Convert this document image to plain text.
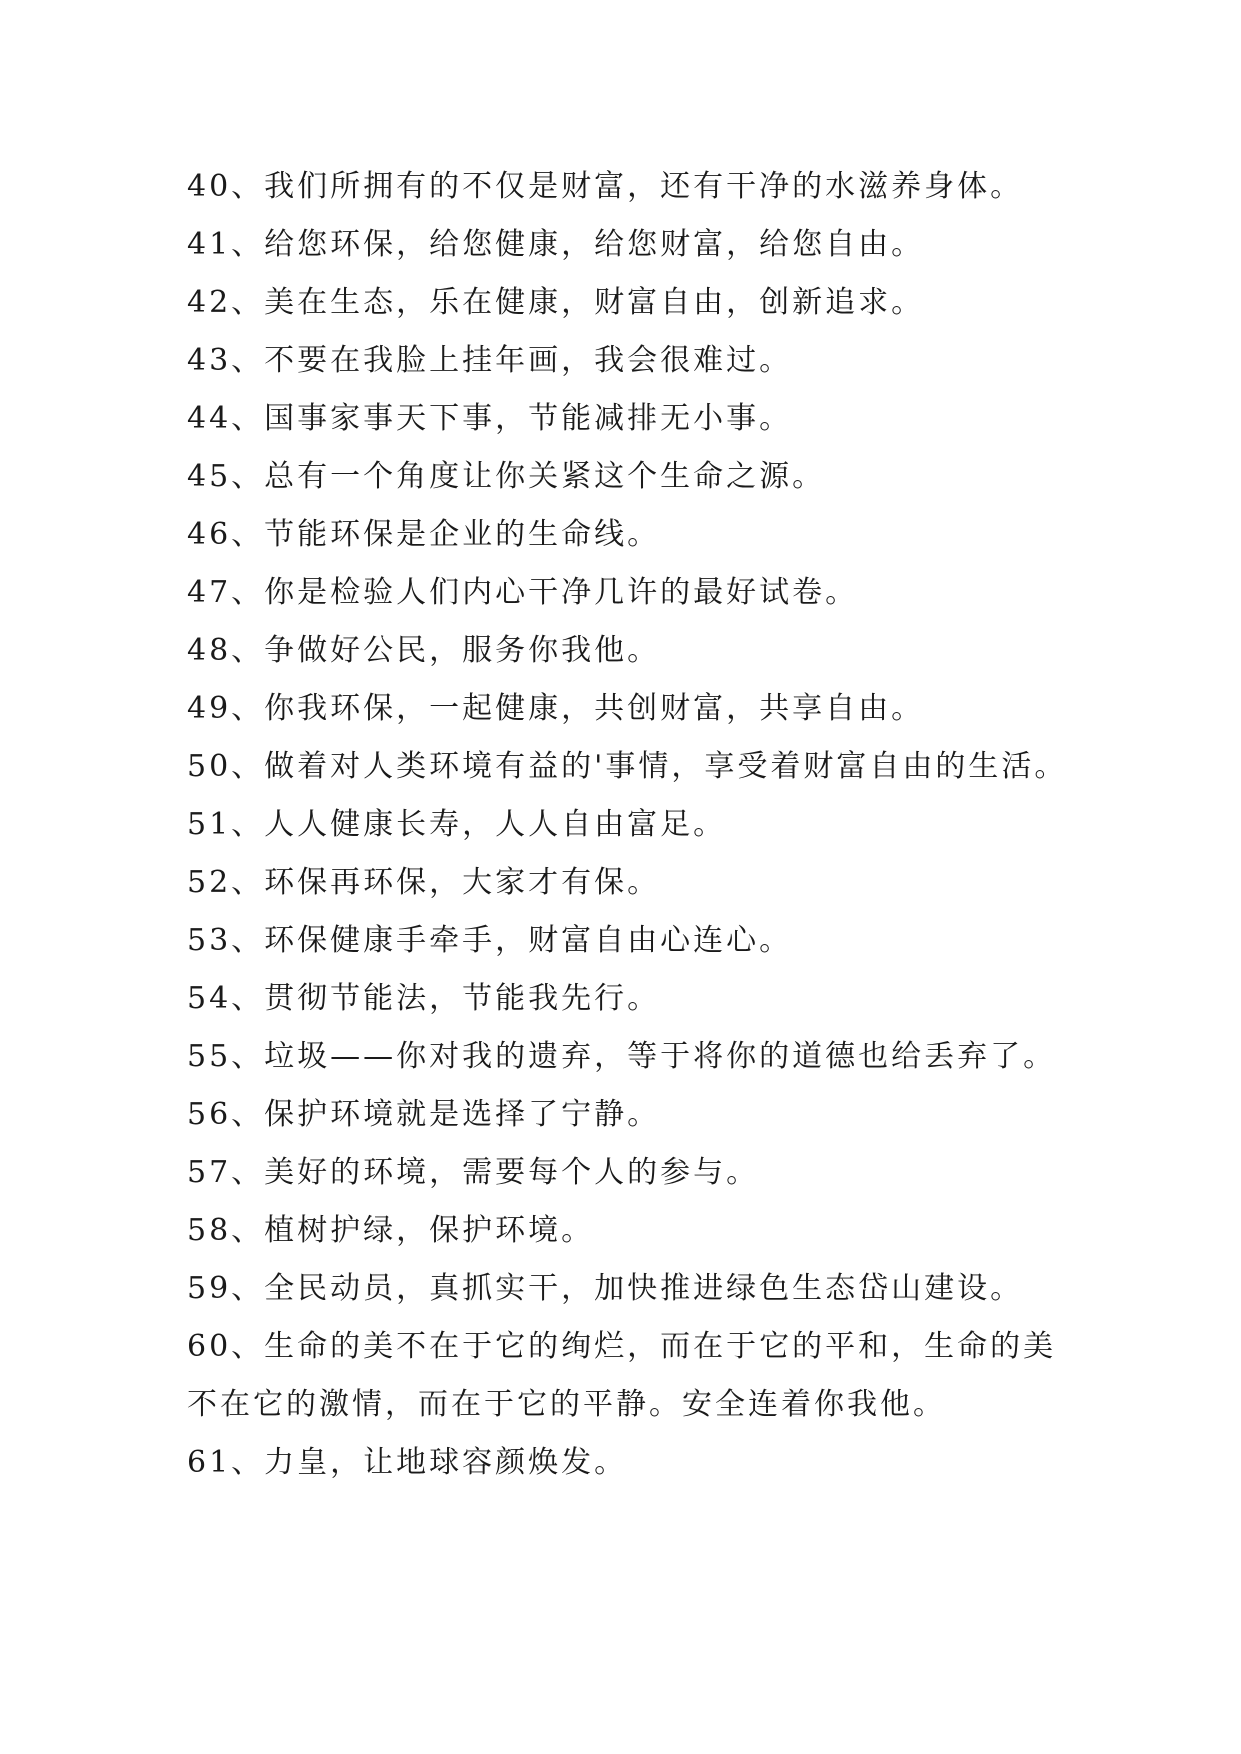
40、我们所拥有的不仅是财富，还有干净的水滋养身体。
41、给您环保，给您健康，给您财富，给您自由。
42、美在生态，乐在健康，财富自由，创新追求。
43、不要在我脸上挂年画，我会很难过。
44、国事家事天下事，节能减排无小事。
45、总有一个角度让你关紧这个生命之源。
46、节能环保是企业的生命线。
47、你是检验人们内心干净几许的最好试卷。
48、争做好公民，服务你我他。
49、你我环保，一起健康，共创财富，共享自由。
50、做着对人类环境有益的'事情，享受着财富自由的生活。
51、人人健康长寿，人人自由富足。
52、环保再环保，大家才有保。
53、环保健康手牵手，财富自由心连心。
54、贯彻节能法，节能我先行。
55、垃圾——你对我的遗弃，等于将你的道德也给丢弃了。
56、保护环境就是选择了宁静。
57、美好的环境，需要每个人的参与。
58、植树护绿，保护环境。
59、全民动员，真抓实干，加快推进绿色生态岱山建设。
60、生命的美不在于它的绚烂，而在于它的平和，生命的美
不在它的激情，而在于它的平静。安全连着你我他。
61、力皇，让地球容颜焕发。
